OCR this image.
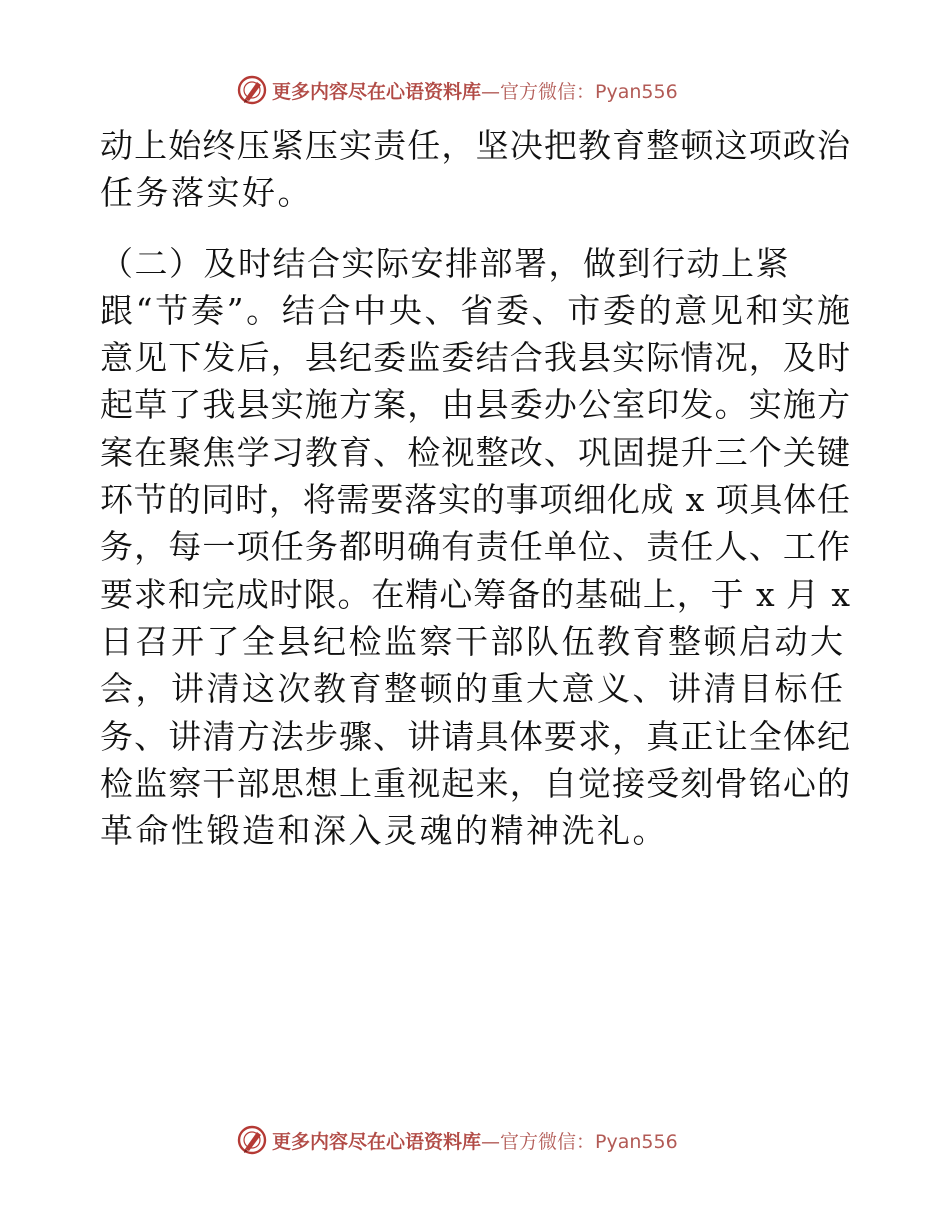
更多内容尽在心语资料库—官方微信：Pyan556
动上始终压紧压实责任，坚决把教育整顿这项政治
任务落实好。
（二）及时结合实际安排部署，做到行动上紧
跟“节奏”。结合中央、省委、市委的意见和实施
意见下发后，县纪委监委结合我县实际情况，及时
起草了我县实施方案，由县委办公室印发。实施方
案在聚焦学习教育、检视整改、巩固提升三个关键
环节的同时，将需要落实的事项细化成 x 项具体任
务，每一项任务都明确有责任单位、责任人、工作
要求和完成时限。在精心筹备的基础上，于 x 月 x
日召开了全县纪检监察干部队伍教育整顿启动大
会，讲清这次教育整顿的重大意义、讲清目标任
务、讲清方法步骤、讲请具体要求，真正让全体纪
检监察干部思想上重视起来，自觉接受刻骨铭心的
革命性锻造和深入灵魂的精神洗礼。
更多内容尽在心语资料库—官方微信：Pyan556
